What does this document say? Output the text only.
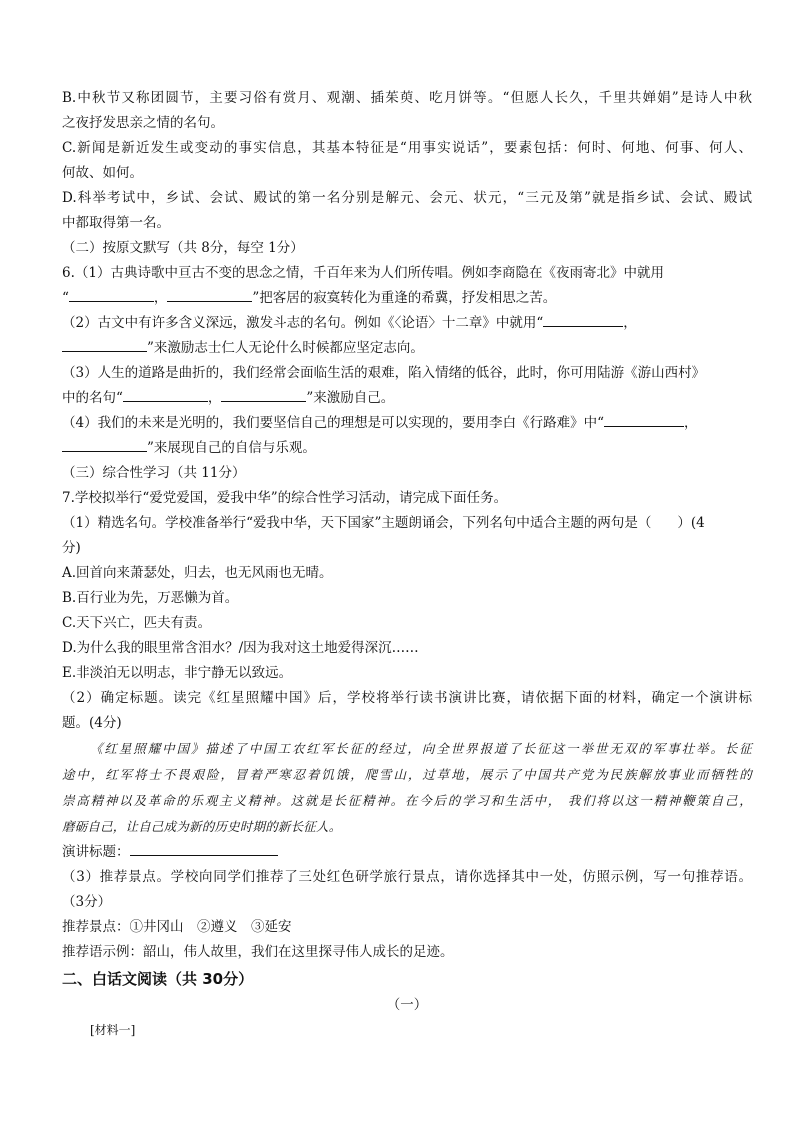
B.中秋节又称团圆节，主要习俗有赏月、观潮、插茱萸、吃月饼等。“但愿人长久，千里共婵娟”是诗人中秋
之夜抒发思亲之情的名句。
C.新闻是新近发生或变动的事实信息，其基本特征是“用事实说话”，要素包括：何时、何地、何事、何人、
何故、如何。
D.科举考试中，乡试、会试、殿试的第一名分别是解元、会元、状元，“三元及第”就是指乡试、会试、殿试
中都取得第一名。
（二）按原文默写（共 8分，每空 1分）
6.（1）古典诗歌中亘古不变的思念之情，千百年来为人们所传唱。例如李商隐在《夜雨寄北》中就用
“	，	”把客居的寂寞转化为重逢的希冀，抒发相思之苦。
（2）古文中有许多含义深远，激发斗志的名句。例如《〈论语〉十二章》中就用“	，
”来激励志士仁人无论什么时候都应坚定志向。
（3）人生的道路是曲折的，我们经常会面临生活的艰难，陷入情绪的低谷，此时，你可用陆游《游山西村》
中的名句“	，	”来激励自己。
（4）我们的未来是光明的，我们要坚信自己的理想是可以实现的，要用李白《行路难》中“	，
”来展现自己的自信与乐观。
（三）综合性学习（共 11分）
7.学校拟举行“爱党爱国，爱我中华”的综合性学习活动，请完成下面任务。
（1）精选名句。学校准备举行“爱我中华，天下国家”主题朗诵会，下列名句中适合主题的两句是（ ）(4
分)
A.回首向来萧瑟处，归去，也无风雨也无晴。
B.百行业为先，万恶懒为首。
C.天下兴亡，匹夫有责。
D.为什么我的眼里常含泪水？/因为我对这土地爱得深沉……
E.非淡泊无以明志，非宁静无以致远。
（2）确定标题。读完《红星照耀中国》后，学校将举行读书演讲比赛，请依据下面的材料，确定一个演讲标
题。(4分)
《红星照耀中国》描述了中国工农红军长征的经过，向全世界报道了长征这一举世无双的军事壮举。长征
途中，红军将士不畏艰险，冒着严寒忍着饥饿，爬雪山，过草地，展示了中国共产党为民族解放事业而牺牲的
崇高精神以及革命的乐观主义精神。这就是长征精神。在今后的学习和生活中， 我们将以这一精神鞭策自己，
磨砺自己，让自己成为新的历史时期的新长征人。
演讲标题：
（3）推荐景点。学校向同学们推荐了三处红色研学旅行景点，请你选择其中一处，仿照示例，写一句推荐语。
（3分）
推荐景点：①井冈山　②遵义　③延安
推荐语示例：韶山，伟人故里，我们在这里探寻伟人成长的足迹。
二、白话文阅读（共 30分）
（一）
[材料一]
